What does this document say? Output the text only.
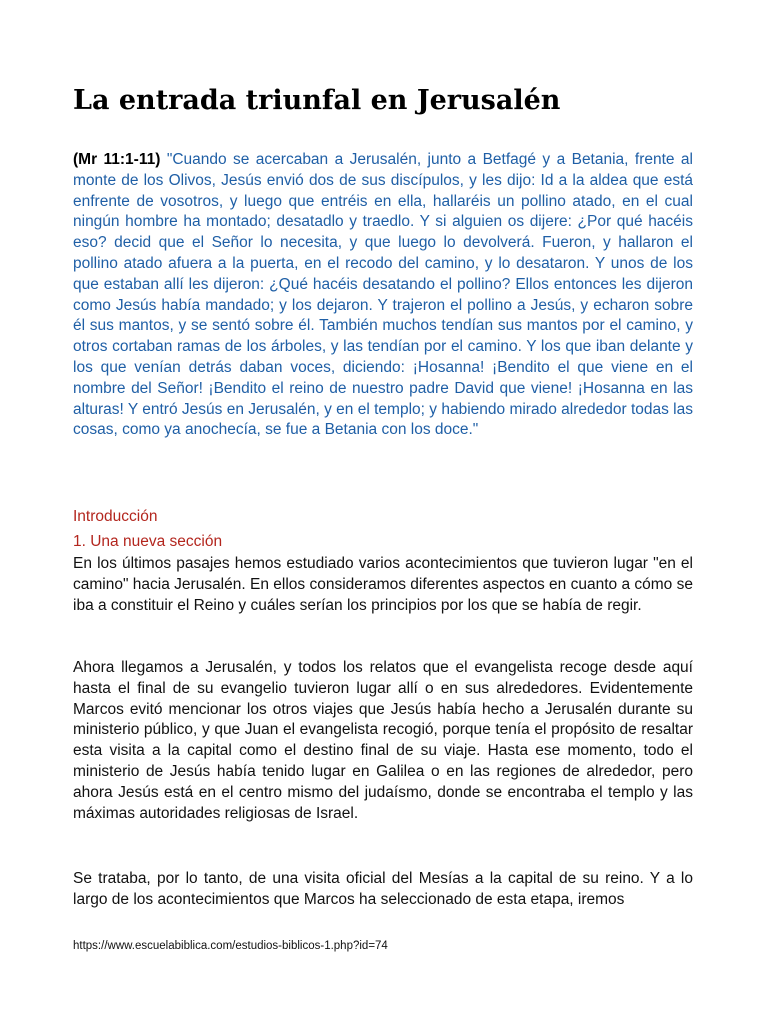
La entrada triunfal en Jerusalén

(Mr 11:1-11) "Cuando se acercaban a Jerusalén, junto a Betfagé y a Betania, frente al monte de los Olivos, Jesús envió dos de sus discípulos, y les dijo: Id a la aldea que está enfrente de vosotros, y luego que entréis en ella, hallaréis un pollino atado, en el cual ningún hombre ha montado; desatadlo y traedlo. Y si alguien os dijere: ¿Por qué hacéis eso? decid que el Señor lo necesita, y que luego lo devolverá. Fueron, y hallaron el pollino atado afuera a la puerta, en el recodo del camino, y lo desataron. Y unos de los que estaban allí les dijeron: ¿Qué hacéis desatando el pollino? Ellos entonces les dijeron como Jesús había mandado; y los dejaron. Y trajeron el pollino a Jesús, y echaron sobre él sus mantos, y se sentó sobre él. También muchos tendían sus mantos por el camino, y otros cortaban ramas de los árboles, y las tendían por el camino. Y los que iban delante y los que venían detrás daban voces, diciendo: ¡Hosanna! ¡Bendito el que viene en el nombre del Señor! ¡Bendito el reino de nuestro padre David que viene! ¡Hosanna en las alturas! Y entró Jesús en Jerusalén, y en el templo; y habiendo mirado alrededor todas las cosas, como ya anochecía, se fue a Betania con los doce."

Introducción
1. Una nueva sección

En los últimos pasajes hemos estudiado varios acontecimientos que tuvieron lugar "en el camino" hacia Jerusalén. En ellos consideramos diferentes aspectos en cuanto a cómo se iba a constituir el Reino y cuáles serían los principios por los que se había de regir.

Ahora llegamos a Jerusalén, y todos los relatos que el evangelista recoge desde aquí hasta el final de su evangelio tuvieron lugar allí o en sus alrededores. Evidentemente Marcos evitó mencionar los otros viajes que Jesús había hecho a Jerusalén durante su ministerio público, y que Juan el evangelista recogió, porque tenía el propósito de resaltar esta visita a la capital como el destino final de su viaje. Hasta ese momento, todo el ministerio de Jesús había tenido lugar en Galilea o en las regiones de alrededor, pero ahora Jesús está en el centro mismo del judaísmo, donde se encontraba el templo y las máximas autoridades religiosas de Israel.

Se trataba, por lo tanto, de una visita oficial del Mesías a la capital de su reino. Y a lo largo de los acontecimientos que Marcos ha seleccionado de esta etapa, iremos

https://www.escuelabiblica.com/estudios-biblicos-1.php?id=74
